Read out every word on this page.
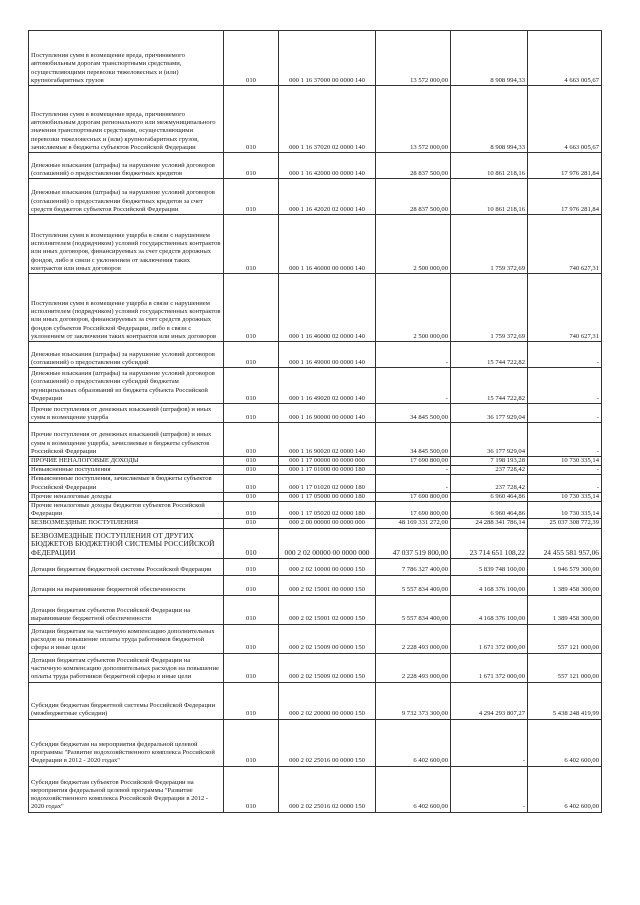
Поступления сумм в возмещение вреда, причиняемого автомобильным дорогам транспортными средствами, осуществляющими перевозки тяжеловесных и (или) крупногабаритных грузов	010	000 1 16 37000 00 0000 140	13 572 000,00	8 908 994,33	4 663 005,67
Поступления сумм в возмещение вреда, причиняемого автомобильным дорогам регионального или межмуниципального значения транспортными средствами, осуществляющими перевозки тяжеловесных и (или) крупногабаритных грузов, зачисляемые в бюджеты субъектов Российской Федерации	010	000 1 16 37020 02 0000 140	13 572 000,00	8 908 994,33	4 663 005,67
Денежные взыскания (штрафы) за нарушение условий договоров (соглашений) о предоставлении бюджетных кредитов	010	000 1 16 42000 00 0000 140	28 837 500,00	10 861 218,16	17 976 281,84
Денежные взыскания (штрафы) за нарушение условий договоров (соглашений) о предоставлении бюджетных кредитов за счет средств бюджетов субъектов Российской Федерации	010	000 1 16 42020 02 0000 140	28 837 500,00	10 861 218,16	17 976 281,84
Поступления сумм в возмещение ущерба в связи с нарушением исполнителем (подрядчиком) условий государственных контрактов или иных договоров, финансируемых за счет средств дорожных фондов, либо в связи с уклонением от заключения таких контрактов или иных договоров	010	000 1 16 46000 00 0000 140	2 500 000,00	1 759 372,69	740 627,31
Поступления сумм в возмещение ущерба в связи с нарушением исполнителем (подрядчиком) условий государственных контрактов или иных договоров, финансируемых за счет средств дорожных фондов субъектов Российской Федерации, либо в связи с уклонением от заключения таких контрактов или иных договоров	010	000 1 16 46000 02 0000 140	2 500 000,00	1 759 372,69	740 627,31
Денежные взыскания (штрафы) за нарушение условий договоров (соглашений) о предоставлении субсидий	010	000 1 16 49000 00 0000 140	-	15 744 722,82	-
Денежные взыскания (штрафы) за нарушение условий договоров (соглашений) о предоставлении субсидий бюджетам муниципальных образований из бюджета субъекта Российской Федерации	010	000 1 16 49020 02 0000 140	-	15 744 722,82	-
Прочие поступления от денежных взысканий (штрафов) и иных сумм в возмещение ущерба	010	000 1 16 90000 00 0000 140	34 845 500,00	36 177 929,04	-
Прочие поступления от денежных взысканий (штрафов) и иных сумм в возмещение ущерба, зачисляемые в бюджеты субъектов Российской Федерации	010	000 1 16 90020 02 0000 140	34 845 500,00	36 177 929,04	-
ПРОЧИЕ НЕНАЛОГОВЫЕ ДОХОДЫ	010	000 1 17 00000 00 0000 000	17 690 800,00	7 198 193,28	10 730 335,14
Невыясненные поступления	010	000 1 17 01000 00 0000 180	-	237 728,42	-
Невыясненные поступления, зачисляемые в бюджеты субъектов Российской Федерации	010	000 1 17 01020 02 0000 180	-	237 728,42	-
Прочие неналоговые доходы	010	000 1 17 05000 00 0000 180	17 690 800,00	6 960 464,86	10 730 335,14
Прочие неналоговые доходы бюджетов субъектов Российской Федерации	010	000 1 17 05020 02 0000 180	17 690 800,00	6 960 464,86	10 730 335,14
БЕЗВОЗМЕЗДНЫЕ ПОСТУПЛЕНИЯ	010	000 2 00 00000 00 0000 000	48 169 331 272,00	24 288 341 786,14	25 037 308 772,39
БЕЗВОЗМЕЗДНЫЕ ПОСТУПЛЕНИЯ ОТ ДРУГИХ БЮДЖЕТОВ БЮДЖЕТНОЙ СИСТЕМЫ РОССИЙСКОЙ ФЕДЕРАЦИИ	010	000 2 02 00000 00 0000 000	47 037 519 800,00	23 714 651 108,22	24 455 581 957,06
Дотации бюджетам бюджетной системы Российской Федерации	010	000 2 02 10000 00 0000 150	7 786 327 400,00	5 839 748 100,00	1 946 579 300,00
Дотации на выравнивание бюджетной обеспеченности	010	000 2 02 15001 00 0000 150	5 557 834 400,00	4 168 376 100,00	1 389 458 300,00
Дотации бюджетам субъектов Российской Федерации на выравнивание бюджетной обеспеченности	010	000 2 02 15001 02 0000 150	5 557 834 400,00	4 168 376 100,00	1 389 458 300,00
Дотации бюджетам на частичную компенсацию дополнительных расходов на повышение оплаты труда работников бюджетной сферы и иные цели	010	000 2 02 15009 00 0000 150	2 228 493 000,00	1 671 372 000,00	557 121 000,00
Дотации бюджетам субъектов Российской Федерации на частичную компенсацию дополнительных расходов на повышение оплаты труда работников бюджетной сферы и иные цели	010	000 2 02 15009 02 0000 150	2 228 493 000,00	1 671 372 000,00	557 121 000,00
Субсидии бюджетам бюджетной системы Российской Федерации (межбюджетные субсидии)	010	000 2 02 20000 00 0000 150	9 732 373 300,00	4 294 293 807,27	5 438 248 419,99
Субсидии бюджетам на мероприятия федеральной целевой программы "Развитие водохозяйственного комплекса Российской Федерации в 2012 - 2020 годах"	010	000 2 02 25016 00 0000 150	6 402 600,00	-	6 402 600,00
Субсидии бюджетам субъектов Российской Федерации на мероприятия федеральной целевой программы "Развитие водохозяйственного комплекса Российской Федерации в 2012 - 2020 годах"	010	000 2 02 25016 02 0000 150	6 402 600,00	-	6 402 600,00
